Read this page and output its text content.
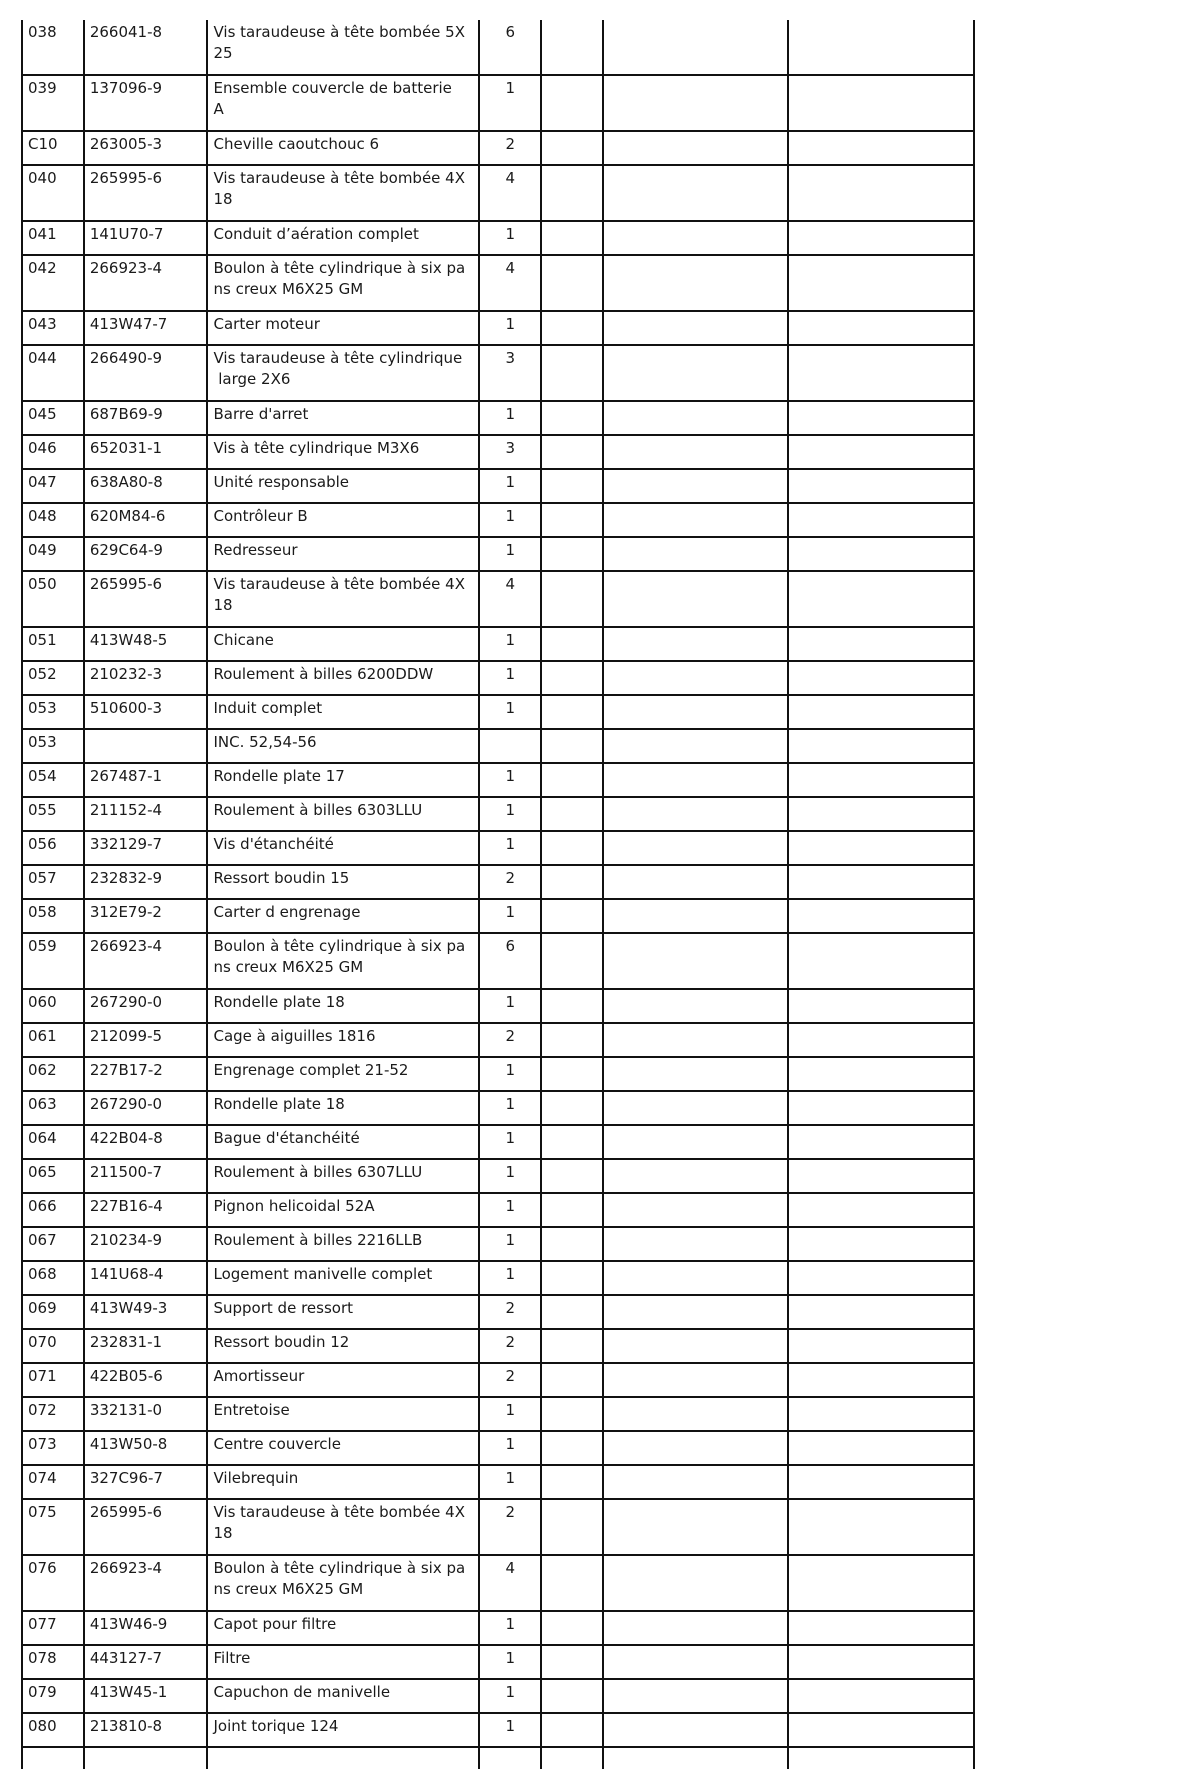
038	266041-8	Vis taraudeuse à tête bombée 5X
25	6			
039	137096-9	Ensemble couvercle de batterie
A	1			
C10	263005-3	Cheville caoutchouc 6	2			
040	265995-6	Vis taraudeuse à tête bombée 4X
18	4			
041	141U70-7	Conduit d’aération complet	1			
042	266923-4	Boulon à tête cylindrique à six pa
ns creux M6X25 GM	4			
043	413W47-7	Carter moteur	1			
044	266490-9	Vis taraudeuse à tête cylindrique
large 2X6	3			
045	687B69-9	Barre d'arret	1			
046	652031-1	Vis à tête cylindrique M3X6	3			
047	638A80-8	Unité responsable	1			
048	620M84-6	Contrôleur B	1			
049	629C64-9	Redresseur	1			
050	265995-6	Vis taraudeuse à tête bombée 4X
18	4			
051	413W48-5	Chicane	1			
052	210232-3	Roulement à billes 6200DDW	1			
053	510600-3	Induit complet	1			
053		INC. 52,54-56				
054	267487-1	Rondelle plate 17	1			
055	211152-4	Roulement à billes 6303LLU	1			
056	332129-7	Vis d'étanchéité	1			
057	232832-9	Ressort boudin 15	2			
058	312E79-2	Carter d engrenage	1			
059	266923-4	Boulon à tête cylindrique à six pa
ns creux M6X25 GM	6			
060	267290-0	Rondelle plate 18	1			
061	212099-5	Cage à aiguilles 1816	2			
062	227B17-2	Engrenage complet 21-52	1			
063	267290-0	Rondelle plate 18	1			
064	422B04-8	Bague d'étanchéité	1			
065	211500-7	Roulement à billes 6307LLU	1			
066	227B16-4	Pignon helicoidal 52A	1			
067	210234-9	Roulement à billes 2216LLB	1			
068	141U68-4	Logement manivelle complet	1			
069	413W49-3	Support de ressort	2			
070	232831-1	Ressort boudin 12	2			
071	422B05-6	Amortisseur	2			
072	332131-0	Entretoise	1			
073	413W50-8	Centre couvercle	1			
074	327C96-7	Vilebrequin	1			
075	265995-6	Vis taraudeuse à tête bombée 4X
18	2			
076	266923-4	Boulon à tête cylindrique à six pa
ns creux M6X25 GM	4			
077	413W46-9	Capot pour filtre	1			
078	443127-7	Filtre	1			
079	413W45-1	Capuchon de manivelle	1			
080	213810-8	Joint torique 124	1			
